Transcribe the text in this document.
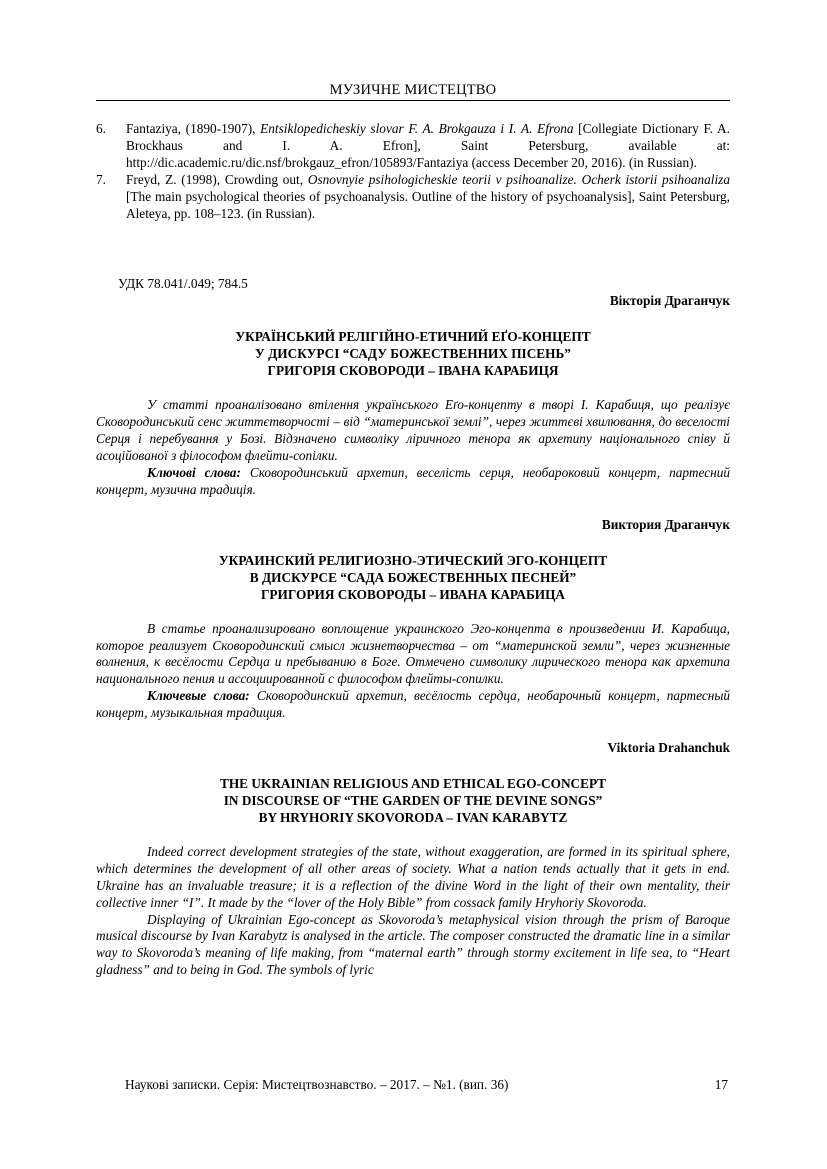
МУЗИЧНЕ МИСТЕЦТВО
6.	Fantaziya, (1890-1907), Entsiklopedicheskiy slovar F. A. Brokgauza i I. A. Efrona [Collegiate Dictionary F. A. Brockhaus and I. A. Efron], Saint Petersburg, available at: http://dic.academic.ru/dic.nsf/brokgauz_efron/105893/Fantaziya (access December 20, 2016). (in Russian).
7.	Freyd, Z. (1998), Crowding out, Osnovnyie psihologicheskie teorii v psihoanalize. Ocherk istorii psihoanaliza [The main psychological theories of psychoanalysis. Outline of the history of psychoanalysis], Saint Petersburg, Aleteya, pp. 108–123. (in Russian).
УДК 78.041/.049; 784.5
Вікторія Драганчук
УКРАЇНСЬКИЙ РЕЛІГІЙНО-ЕТИЧНИЙ ЕҐО-КОНЦЕПТ
У ДИСКУРСІ “САДУ БОЖЕСТВЕННИХ ПІСЕНЬ”
ГРИГОРІЯ СКОВОРОДИ – ІВАНА КАРАБИЦЯ
У статті проаналізовано втілення українського Еґо-концепту в творі І. Карабиця, що реалізує Сковородинський сенс життєтворчості – від “материнської землі”, через життєві хвилювання, до веселості Серця і перебування у Бозі. Відзначено символіку ліричного тенора як архетипу національного співу й асоційованої з філософом флейти-сопілки.
Ключові слова: Сковородинський архетип, веселість серця, необароковий концерт, партесний концерт, музична традиція.
Виктория Драганчук
УКРАИНСКИЙ РЕЛИГИОЗНО-ЭТИЧЕСКИЙ ЭГО-КОНЦЕПТ
В ДИСКУРСЕ “САДА БОЖЕСТВЕННЫХ ПЕСНЕЙ”
ГРИГОРИЯ СКОВОРОДЫ – ИВАНА КАРАБИЦА
В статье проанализировано воплощение украинского Эго-концепта в произведении И. Карабица, которое реализует Сковородинский смысл жизнетворчества – от “материнской земли”, через жизненные волнения, к весёлости Сердца и пребыванию в Боге. Отмечено символику лирического тенора как архетипа национального пения и ассоциированной с философом флейты-сопилки.
Ключевые слова: Сковородинский архетип, весёлость сердца, необарочный концерт, партесный концерт, музыкальная традиция.
Viktoria Drahanchuk
THE UKRAINIAN RELIGIOUS AND ETHICAL EGO-CONCEPT
IN DISCOURSE OF “THE GARDEN OF THE DEVINE SONGS”
BY HRYHORIY SKOVORODA – IVAN KARABYTZ
Indeed correct development strategies of the state, without exaggeration, are formed in its spiritual sphere, which determines the development of all other areas of society. What a nation tends actually that it gets in end. Ukraine has an invaluable treasure; it is a reflection of the divine Word in the light of their own mentality, their collective inner “I”. It made by the “lover of the Holy Bible” from cossack family Hryhoriy Skovoroda.
Displaying of Ukrainian Ego-concept as Skovoroda’s metaphysical vision through the prism of Baroque musical discourse by Ivan Karabytz is analysed in the article. The composer constructed the dramatic line in a similar way to Skovoroda’s meaning of life making, from “maternal earth” through stormy excitement in life sea, to “Heart gladness” and to being in God. The symbols of lyric
Наукові записки. Серія: Мистецтвознавство. – 2017. – №1. (вип. 36)	17
